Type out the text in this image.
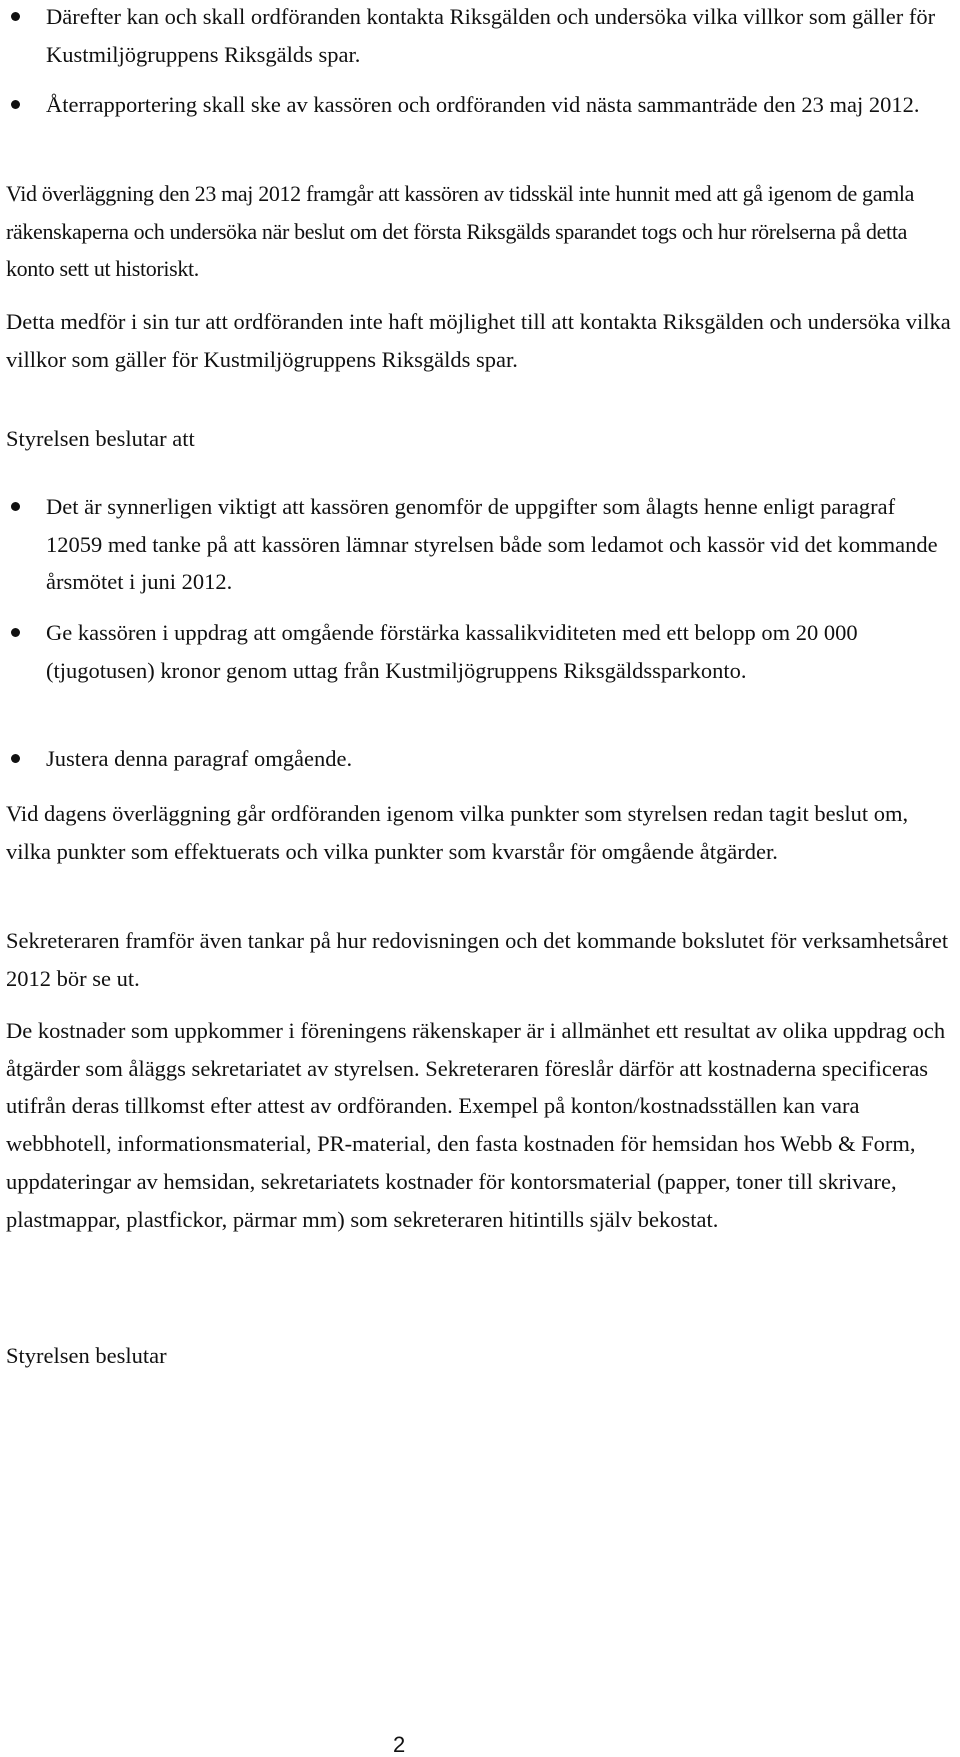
Därefter kan och skall ordföranden kontakta Riksgälden och undersöka vilka villkor som gäller för Kustmiljögruppens Riksgälds spar.

Återrapportering skall ske av kassören och ordföranden vid nästa sammanträde den 23 maj 2012.

Vid överläggning den 23 maj 2012 framgår att kassören av tidsskäl inte hunnit med att gå igenom de gamla räkenskaperna och undersöka när beslut om det första Riksgälds sparandet togs och hur rörelserna på detta konto sett ut historiskt.

Detta medför i sin tur att ordföranden inte haft möjlighet till att kontakta Riksgälden och undersöka vilka villkor som gäller för Kustmiljögruppens Riksgälds spar.

Styrelsen beslutar att

Det är synnerligen viktigt att kassören genomför de uppgifter som ålagts henne enligt paragraf 12059 med tanke på att kassören lämnar styrelsen både som ledamot och kassör vid det kommande årsmötet i juni 2012.

Ge kassören i uppdrag att omgående förstärka kassalikviditeten med ett belopp om 20 000 (tjugotusen) kronor genom uttag från Kustmiljögruppens Riksgäldssparkonto.

Justera denna paragraf omgående.

Vid dagens överläggning går ordföranden igenom vilka punkter som styrelsen redan tagit beslut om, vilka punkter som effektuerats och vilka punkter som kvarstår för omgående åtgärder.

Sekreteraren framför även tankar på hur redovisningen och det kommande bokslutet för verksamhetsåret 2012 bör se ut.

De kostnader som uppkommer i föreningens räkenskaper är i allmänhet ett resultat av olika uppdrag och åtgärder som åläggs sekretariatet av styrelsen. Sekreteraren föreslår därför att kostnaderna specificeras utifrån deras tillkomst efter attest av ordföranden. Exempel på konton/kostnadsställen kan vara webbhotell, informationsmaterial, PR-material, den fasta kostnaden för hemsidan hos Webb & Form, uppdateringar av hemsidan, sekretariatets kostnader för kontorsmaterial (papper, toner till skrivare, plastmappar, plastfickor, pärmar mm) som sekreteraren hitintills själv bekostat.

Styrelsen beslutar

2
